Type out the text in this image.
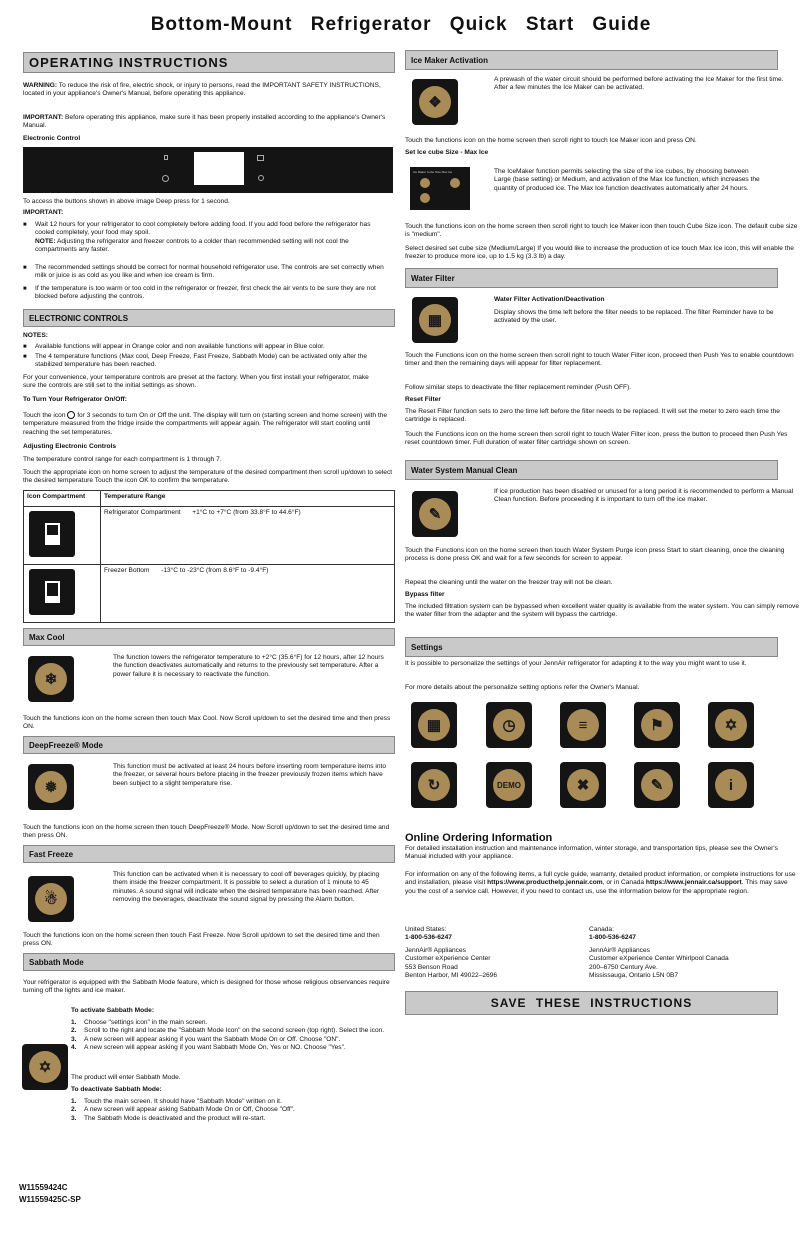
Bottom-Mount Refrigerator Quick Start Guide
OPERATING INSTRUCTIONS
WARNING: To reduce the risk of fire, electric shock, or injury to persons, read the IMPORTANT SAFETY INSTRUCTIONS, located in your appliance's Owner's Manual, before operating this appliance.
IMPORTANT: Before operating this appliance, make sure it has been properly installed according to the appliance's Owner's Manual.
Electronic Control
To access the buttons shown in above image Deep press for 1 second.
IMPORTANT:
■ Wait 12 hours for your refrigerator to cool completely before adding food. If you add food before the refrigerator has cooled completely, your food may spoil.
NOTE: Adjusting the refrigerator and freezer controls to a colder than recommended setting will not cool the compartments any faster.
■ The recommended settings should be correct for normal household refrigerator use. The controls are set correctly when milk or juice is as cold as you like and when ice cream is firm.
■ If the temperature is too warm or too cold in the refrigerator or freezer, first check the air vents to be sure they are not blocked before adjusting the controls.
ELECTRONIC CONTROLS
NOTES:
■ Available functions will appear in Orange color and non available functions will appear in Blue color.
■ The 4 temperature functions (Max cool, Deep Freeze, Fast Freeze, Sabbath Mode) can be activated only after the stabilized temperature has been reached.
For your convenience, your temperature controls are preset at the factory. When you first install your refrigerator, make sure the controls are still set to the initial settings as shown.
To Turn Your Refrigerator On/Off:
Touch the icon for 3 seconds to turn On or Off the unit. The display will turn on (starting screen and home screen) with the temperature measured from the fridge inside the compartments will appear again. The refrigerator will start cooling until reaching the set temperatures.
Adjusting Electronic Controls
The temperature control range for each compartment is 1 through 7.
Touch the appropriate icon on home screen to adjust the temperature of the desired compartment then scroll up/down to select the desired temperature Touch the icon OK to confirm the temperature.
Icon Compartment	Temperature Range

	Refrigerator Compartment +1°C to +7°C (from 33.8°F to 44.6°F)

	Freezer Bottom -13°C to -23°C (from 8.6°F to -9.4°F)
Max Cool
❄
The function lowers the refrigerator temperature to +2°C (35.6°F) for 12 hours, after 12 hours the function deactivates automatically and returns to the previously set temperature. After a power failure it is necessary to reactivate the function.
Touch the functions icon on the home screen then touch Max Cool. Now Scroll up/down to set the desired time and then press ON.
DeepFreeze® Mode
❅
This function must be activated at least 24 hours before inserting room temperature items into the freezer, or several hours before placing in the freezer previously frozen items which have been subject to a slight temperature rise.
Touch the functions icon on the home screen then touch DeepFreeze® Mode. Now Scroll up/down to set the desired time and then press ON.
Fast Freeze
☃
This function can be activated when it is necessary to cool off beverages quickly, by placing them inside the freezer compartment. It is possible to select a duration of 1 minute to 45 minutes. A sound signal will indicate when the desired temperature has been reached. After removing the beverages, deactivate the sound signal by pressing the Alarm button.
Touch the functions icon on the home screen then touch Fast Freeze. Now Scroll up/down to set the desired time and then press ON.
Sabbath Mode
Your refrigerator is equipped with the Sabbath Mode feature, which is designed for those whose religious observances require turning off the lights and ice maker.
To activate Sabbath Mode:
1.	Choose "settings icon" in the main screen.
2.	Scroll to the right and locate the "Sabbath Mode Icon" on the second screen (top right). Select the icon.
3.	A new screen will appear asking if you want the Sabbath Mode On or Off. Choose "ON".
4.	A new screen will appear asking if you want Sabbath Mode On, Yes or NO. Choose "Yes".
✡
The product will enter Sabbath Mode.
To deactivate Sabbath Mode:
1.	Touch the main screen. It should have "Sabbath Mode" written on it.
2.	A new screen will appear asking Sabbath Mode On or Off, Choose "Off".
3.	The Sabbath Mode is deactivated and the product will re-start.
W11559424C
W11559425C-SP
Ice Maker Activation
❖
A prewash of the water circuit should be performed before activating the Ice Maker for the first time. After a few minutes the Ice Maker can be activated.
Touch the functions icon on the home screen then scroll right to touch Ice Maker icon and press ON.
Set Ice cube Size - Max Ice
Ice Maker Cube Size Max Ice	The IceMaker function permits selecting the size of the ice cubes, by choosing between Large (base setting) or Medium, and activation of the Max Ice function, which increases the quantity of produced ice. The Max Ice function deactivates automatically after 24 hours.
Touch the functions icon on the home screen then scroll right to touch Ice Maker icon then touch Cube Size icon. The default cube size is "medium".
Select desired set cube size (Medium/Large) If you would like to increase the production of ice touch Max Ice icon, this will enable the freezer to produce more ice, up to 1.5 kg (3.3 lb) a day.
Water Filter
▦
Water Filter Activation/Deactivation
Display shows the time left before the filter needs to be replaced. The filter Reminder have to be activated by the user.
Touch the Functions icon on the home screen then scroll right to touch Water Filter icon, proceed then Push Yes to enable countdown timer and then the remaining days will appear for filter replacement.
Follow similar steps to deactivate the filter replacement reminder (Push OFF).
Reset Filter
The Reset Filter function sets to zero the time left before the filter needs to be replaced. It will set the meter to zero each time the cartridge is replaced.
Touch the Functions icon on the home screen then scroll right to touch Water Filter icon, press the button to proceed then Push Yes reset countdown timer. Full duration of water filter cartridge shown on screen.
Water System Manual Clean
✎
If ice production has been disabled or unused for a long period it is recommended to perform a Manual Clean function. Before proceeding it is important to turn off the ice maker.
Touch the Functions icon on the home screen then touch Water System Purge icon press Start to start cleaning, once the cleaning process is done press OK and wait for a few seconds for screen to appear.
Repeat the cleaning until the water on the freezer tray will not be clean.
Bypass filter
The included filtration system can be bypassed when excellent water quality is available from the water system. You can simply remove the water filter from the adapter and the system will bypass the cartridge.
Settings
It is possible to personalize the settings of your JennAir refrigerator for adapting it to the way you might want to use it.
For more details about the personalize setting options refer the Owner's Manual.
▦	◷	≡	⚑	✡
↻	DEMO	✖	✎	i
Online Ordering Information
For detailed installation instruction and maintenance information, winter storage, and transportation tips, please see the Owner's Manual included with your appliance.
For information on any of the following items, a full cycle guide, warranty, detailed product information, or complete instructions for use and installation, please visit https://www.producthelp.jennair.com, or in Canada https://www.jennair.ca/support. This may save you the cost of a service call. However, if you need to contact us, use the information below for the appropriate region.
United States:
1-800-536-6247
JennAir® Appliances
Customer eXperience Center
553 Benson Road
Benton Harbor, MI 49022–2696
Canada:
1-800-536-6247
JennAir® Appliances
Customer eXperience Center Whirlpool Canada
200–6750 Century Ave.
Mississauga, Ontario L5N 0B7
SAVE THESE INSTRUCTIONS
